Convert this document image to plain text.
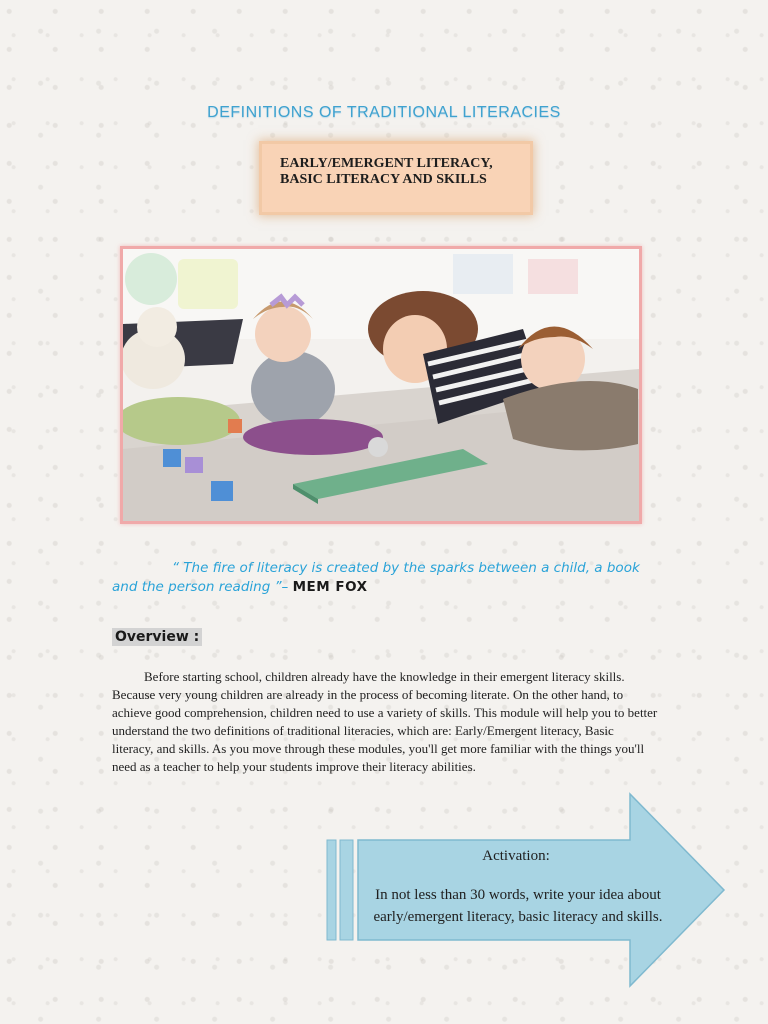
DEFINITIONS OF TRADITIONAL LITERACIES
EARLY/EMERGENT LITERACY,
BASIC LITERACY AND SKILLS
“ The fire of literacy is created by the sparks between a child, a book and the person reading ”– MEM FOX
Overview :
Before starting school, children already have the knowledge in their emergent literacy skills. Because very young children are already in the process of becoming literate. On the other hand, to achieve good comprehension, children need to use a variety of skills. This module will help you to better understand the two definitions of traditional literacies, which are: Early/Emergent literacy, Basic literacy, and skills. As you move through these modules, you'll get more familiar with the things you'll need as a teacher to help your students improve their literacy abilities.
Activation:
In not less than 30 words, write your idea about early/emergent literacy, basic literacy and skills.
